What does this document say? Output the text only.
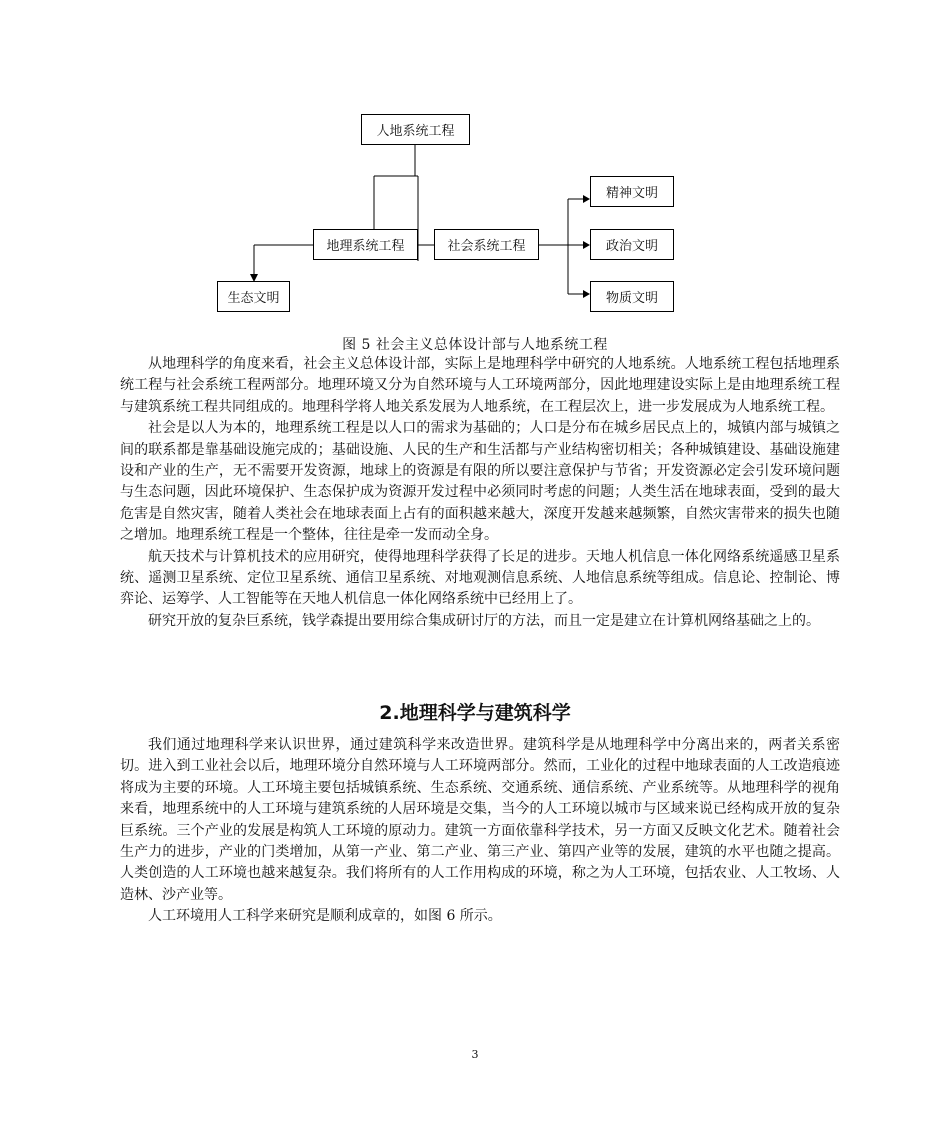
人地系统工程
地理系统工程	社会系统工程
生态文明
精神文明
政治文明
物质文明
图 5 社会主义总体设计部与人地系统工程

从地理科学的角度来看，社会主义总体设计部，实际上是地理科学中研究的人地系统。人地系统工程包括地理系统工程与社会系统工程两部分。地理环境又分为自然环境与人工环境两部分，因此地理建设实际上是由地理系统工程与建筑系统工程共同组成的。地理科学将人地关系发展为人地系统，在工程层次上，进一步发展成为人地系统工程。

社会是以人为本的，地理系统工程是以人口的需求为基础的；人口是分布在城乡居民点上的，城镇内部与城镇之间的联系都是靠基础设施完成的；基础设施、人民的生产和生活都与产业结构密切相关；各种城镇建设、基础设施建设和产业的生产，无不需要开发资源，地球上的资源是有限的所以要注意保护与节省；开发资源必定会引发环境问题与生态问题，因此环境保护、生态保护成为资源开发过程中必须同时考虑的问题；人类生活在地球表面，受到的最大危害是自然灾害，随着人类社会在地球表面上占有的面积越来越大，深度开发越来越频繁，自然灾害带来的损失也随之增加。地理系统工程是一个整体，往往是牵一发而动全身。

航天技术与计算机技术的应用研究，使得地理科学获得了长足的进步。天地人机信息一体化网络系统遥感卫星系统、遥测卫星系统、定位卫星系统、通信卫星系统、对地观测信息系统、人地信息系统等组成。信息论、控制论、博弈论、运筹学、人工智能等在天地人机信息一体化网络系统中已经用上了。

研究开放的复杂巨系统，钱学森提出要用综合集成研讨厅的方法，而且一定是建立在计算机网络基础之上的。

2.地理科学与建筑科学

我们通过地理科学来认识世界，通过建筑科学来改造世界。建筑科学是从地理科学中分离出来的，两者关系密切。进入到工业社会以后，地理环境分自然环境与人工环境两部分。然而，工业化的过程中地球表面的人工改造痕迹将成为主要的环境。人工环境主要包括城镇系统、生态系统、交通系统、通信系统、产业系统等。从地理科学的视角来看，地理系统中的人工环境与建筑系统的人居环境是交集，当今的人工环境以城市与区域来说已经构成开放的复杂巨系统。三个产业的发展是构筑人工环境的原动力。建筑一方面依靠科学技术，另一方面又反映文化艺术。随着社会生产力的进步，产业的门类增加，从第一产业、第二产业、第三产业、第四产业等的发展，建筑的水平也随之提高。人类创造的人工环境也越来越复杂。我们将所有的人工作用构成的环境，称之为人工环境，包括农业、人工牧场、人造林、沙产业等。

人工环境用人工科学来研究是顺利成章的，如图 6 所示。

3
